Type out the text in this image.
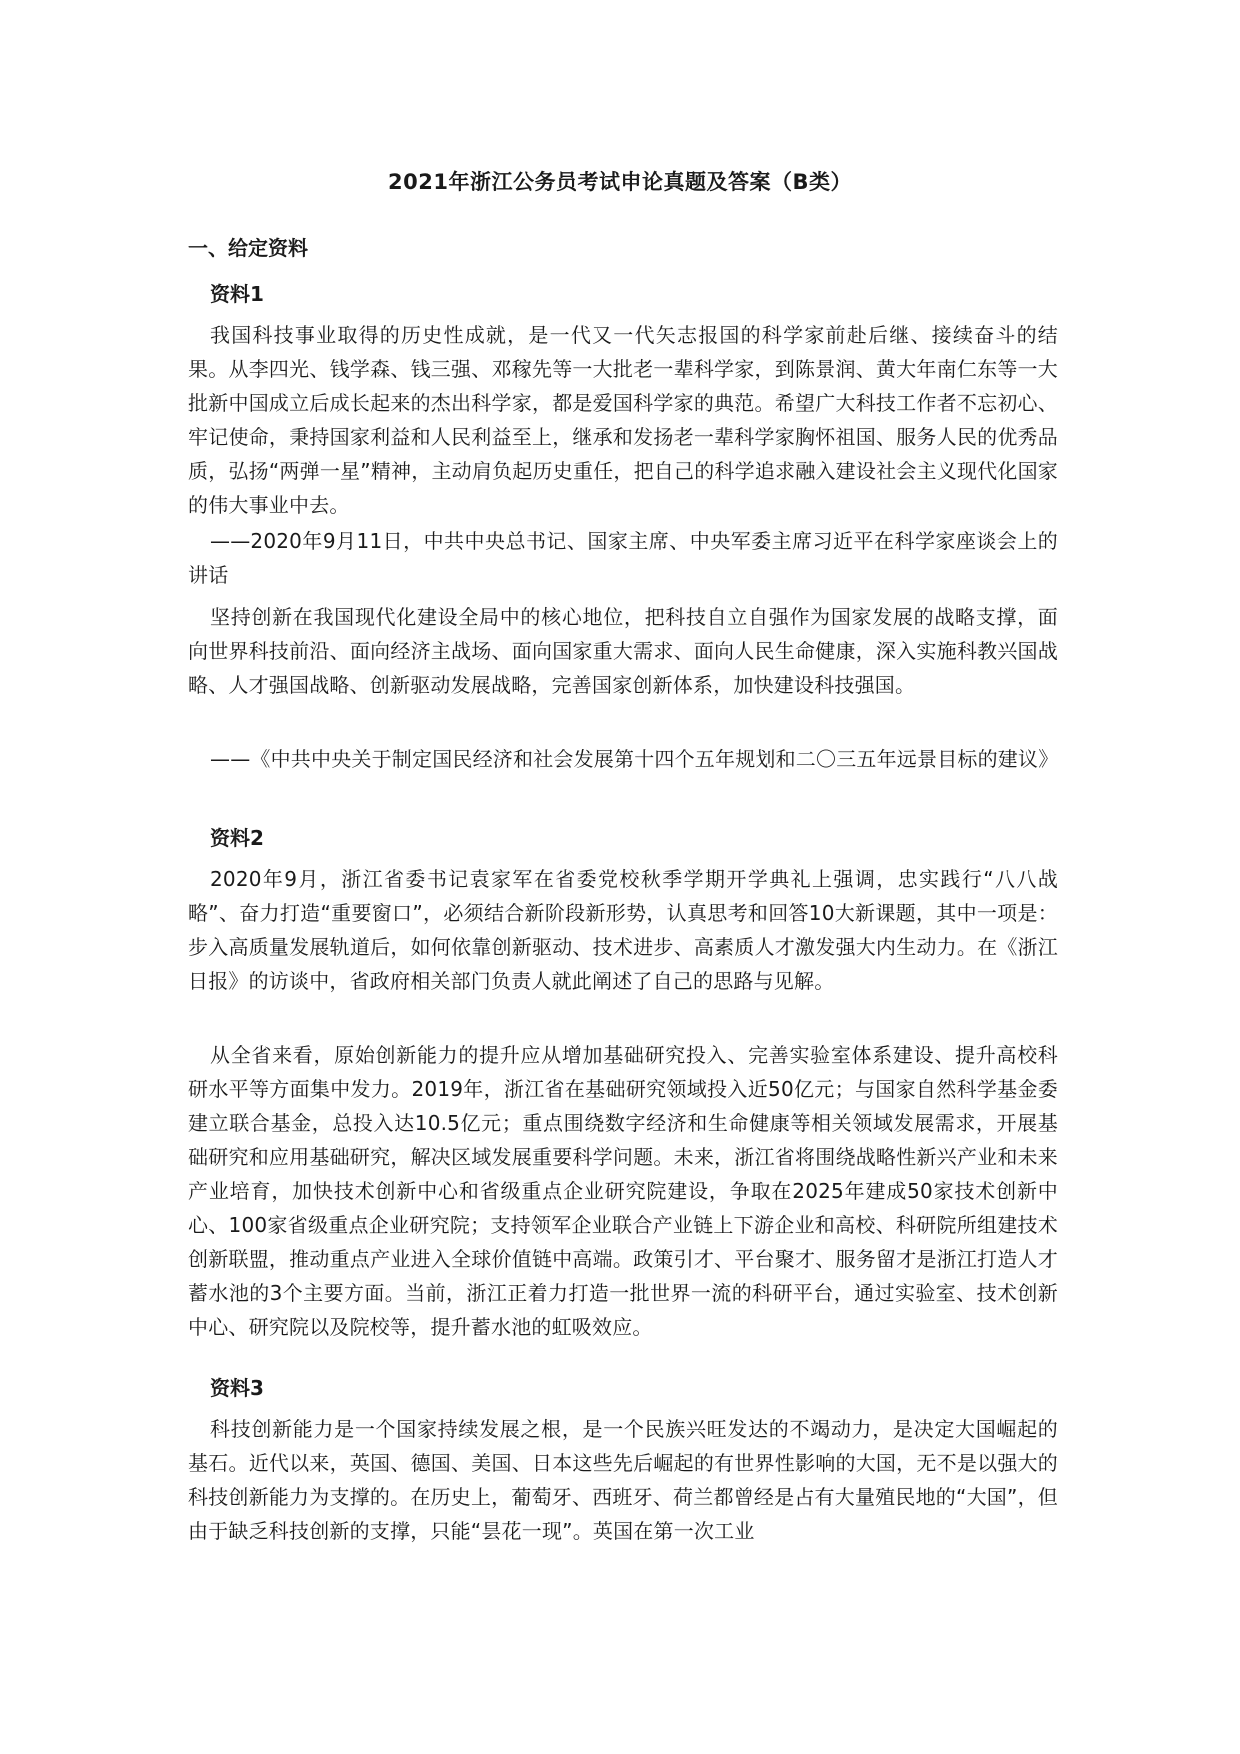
2021年浙江公务员考试申论真题及答案（B类）
一、给定资料
资料1

我国科技事业取得的历史性成就，是一代又一代矢志报国的科学家前赴后继、接续奋斗的结果。从李四光、钱学森、钱三强、邓稼先等一大批老一辈科学家，到陈景润、黄大年南仁东等一大批新中国成立后成长起来的杰出科学家，都是爱国科学家的典范。希望广大科技工作者不忘初心、牢记使命，秉持国家利益和人民利益至上，继承和发扬老一辈科学家胸怀祖国、服务人民的优秀品质，弘扬“两弹一星”精神，主动肩负起历史重任，把自己的科学追求融入建设社会主义现代化国家的伟大事业中去。

——2020年9月11日，中共中央总书记、国家主席、中央军委主席习近平在科学家座谈会上的讲话

坚持创新在我国现代化建设全局中的核心地位，把科技自立自强作为国家发展的战略支撑，面向世界科技前沿、面向经济主战场、面向国家重大需求、面向人民生命健康，深入实施科教兴国战略、人才强国战略、创新驱动发展战略，完善国家创新体系，加快建设科技强国。

——《中共中央关于制定国民经济和社会发展第十四个五年规划和二〇三五年远景目标的建议》

资料2

2020年9月，浙江省委书记袁家军在省委党校秋季学期开学典礼上强调，忠实践行“八八战略”、奋力打造“重要窗口”，必须结合新阶段新形势，认真思考和回答10大新课题，其中一项是：步入高质量发展轨道后，如何依靠创新驱动、技术进步、高素质人才激发强大内生动力。在《浙江日报》的访谈中，省政府相关部门负责人就此阐述了自己的思路与见解。

从全省来看，原始创新能力的提升应从增加基础研究投入、完善实验室体系建设、提升高校科研水平等方面集中发力。2019年，浙江省在基础研究领域投入近50亿元；与国家自然科学基金委建立联合基金，总投入达10.5亿元；重点围绕数字经济和生命健康等相关领域发展需求，开展基础研究和应用基础研究，解决区域发展重要科学问题。未来，浙江省将围绕战略性新兴产业和未来产业培育，加快技术创新中心和省级重点企业研究院建设，争取在2025年建成50家技术创新中心、100家省级重点企业研究院；支持领军企业联合产业链上下游企业和高校、科研院所组建技术创新联盟，推动重点产业进入全球价值链中高端。政策引才、平台聚才、服务留才是浙江打造人才蓄水池的3个主要方面。当前，浙江正着力打造一批世界一流的科研平台，通过实验室、技术创新中心、研究院以及院校等，提升蓄水池的虹吸效应。

资料3

科技创新能力是一个国家持续发展之根，是一个民族兴旺发达的不竭动力，是决定大国崛起的基石。近代以来，英国、德国、美国、日本这些先后崛起的有世界性影响的大国，无不是以强大的科技创新能力为支撑的。在历史上，葡萄牙、西班牙、荷兰都曾经是占有大量殖民地的“大国”，但由于缺乏科技创新的支撑，只能“昙花一现”。英国在第一次工业
